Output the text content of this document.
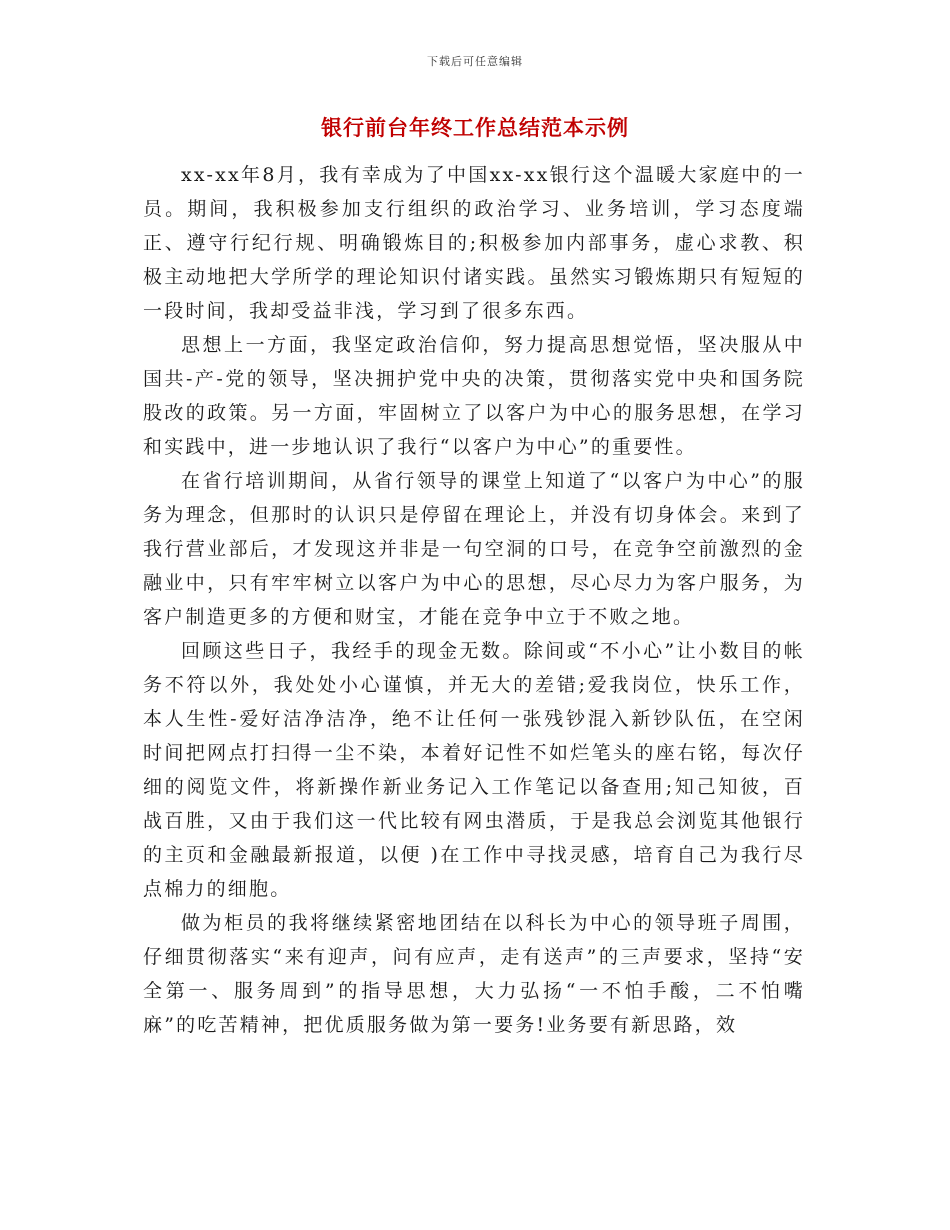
下载后可任意编辑
银行前台年终工作总结范本示例

xx-xx年8月，我有幸成为了中国xx-xx银行这个温暖大家庭中的一员。期间，我积极参加支行组织的政治学习、业务培训，学习态度端正、遵守行纪行规、明确锻炼目的;积极参加内部事务，虚心求教、积极主动地把大学所学的理论知识付诸实践。虽然实习锻炼期只有短短的一段时间，我却受益非浅，学习到了很多东西。

思想上一方面，我坚定政治信仰，努力提高思想觉悟，坚决服从中国共-产-党的领导，坚决拥护党中央的决策，贯彻落实党中央和国务院股改的政策。另一方面，牢固树立了以客户为中心的服务思想，在学习和实践中，进一步地认识了我行“以客户为中心”的重要性。

在省行培训期间，从省行领导的课堂上知道了“以客户为中心”的服务为理念，但那时的认识只是停留在理论上，并没有切身体会。来到了我行营业部后，才发现这并非是一句空洞的口号，在竞争空前激烈的金融业中，只有牢牢树立以客户为中心的思想，尽心尽力为客户服务，为客户制造更多的方便和财宝，才能在竞争中立于不败之地。

回顾这些日子，我经手的现金无数。除间或“不小心”让小数目的帐务不符以外，我处处小心谨慎，并无大的差错;爱我岗位，快乐工作，本人生性-爱好洁净洁净，绝不让任何一张残钞混入新钞队伍，在空闲时间把网点打扫得一尘不染，本着好记性不如烂笔头的座右铭，每次仔细的阅览文件，将新操作新业务记入工作笔记以备查用;知己知彼，百战百胜，又由于我们这一代比较有网虫潜质，于是我总会浏览其他银行的主页和金融最新报道，以便 )在工作中寻找灵感，培育自己为我行尽点棉力的细胞。

做为柜员的我将继续紧密地团结在以科长为中心的领导班子周围，仔细贯彻落实“来有迎声，问有应声，走有送声”的三声要求，坚持“安全第一、服务周到”的指导思想，大力弘扬“一不怕手酸，二不怕嘴麻”的吃苦精神，把优质服务做为第一要务!业务要有新思路，效
